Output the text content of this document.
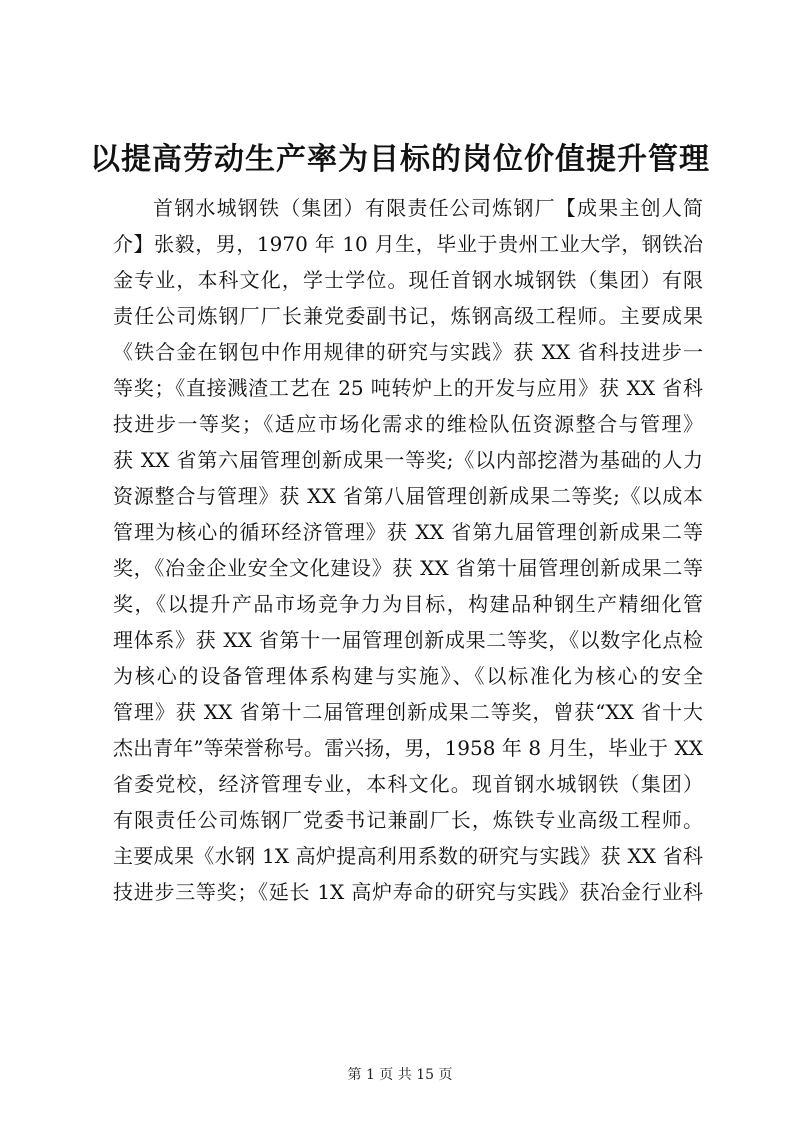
以提高劳动生产率为目标的岗位价值提升管理
首钢水城钢铁（集团）有限责任公司炼钢厂【成果主创人简
介】张毅，男，1970 年 10 月生，毕业于贵州工业大学，钢铁冶
金专业，本科文化，学士学位。现任首钢水城钢铁（集团）有限
责任公司炼钢厂厂长兼党委副书记，炼钢高级工程师。主要成果
《铁合金在钢包中作用规律的研究与实践》获 XX 省科技进步一
等奖；《直接溅渣工艺在 25 吨转炉上的开发与应用》获 XX 省科
技进步一等奖；《适应市场化需求的维检队伍资源整合与管理》
获 XX 省第六届管理创新成果一等奖;《以内部挖潜为基础的人力
资源整合与管理》获 XX 省第八届管理创新成果二等奖;《以成本
管理为核心的循环经济管理》获 XX 省第九届管理创新成果二等
奖，《冶金企业安全文化建设》获 XX 省第十届管理创新成果二等
奖，《以提升产品市场竞争力为目标，构建品种钢生产精细化管
理体系》获 XX 省第十一届管理创新成果二等奖，《以数字化点检
为核心的设备管理体系构建与实施》、《以标准化为核心的安全
管理》获 XX 省第十二届管理创新成果二等奖，曾获“XX 省十大
杰出青年”等荣誉称号。雷兴扬，男，1958 年 8 月生，毕业于 XX
省委党校，经济管理专业，本科文化。现首钢水城钢铁（集团）
有限责任公司炼钢厂党委书记兼副厂长，炼铁专业高级工程师。
主要成果《水钢 1X 高炉提高利用系数的研究与实践》获 XX 省科
技进步三等奖；《延长 1X 高炉寿命的研究与实践》获冶金行业科
第 1 页 共 15 页
